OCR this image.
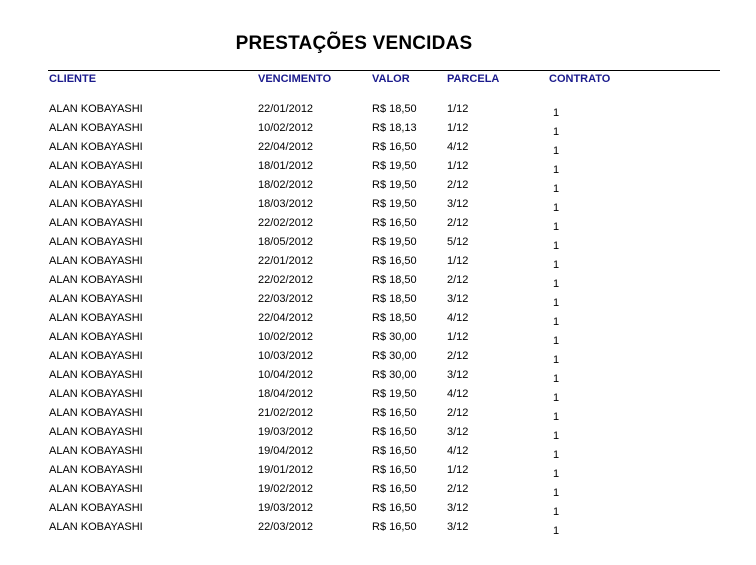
PRESTAÇÕES VENCIDAS
CLIENTE	VENCIMENTO	VALOR	PARCELA	CONTRATO
ALAN KOBAYASHI	22/01/2012	R$ 18,50	1/12	1
ALAN KOBAYASHI	10/02/2012	R$ 18,13	1/12	1
ALAN KOBAYASHI	22/04/2012	R$ 16,50	4/12	1
ALAN KOBAYASHI	18/01/2012	R$ 19,50	1/12	1
ALAN KOBAYASHI	18/02/2012	R$ 19,50	2/12	1
ALAN KOBAYASHI	18/03/2012	R$ 19,50	3/12	1
ALAN KOBAYASHI	22/02/2012	R$ 16,50	2/12	1
ALAN KOBAYASHI	18/05/2012	R$ 19,50	5/12	1
ALAN KOBAYASHI	22/01/2012	R$ 16,50	1/12	1
ALAN KOBAYASHI	22/02/2012	R$ 18,50	2/12	1
ALAN KOBAYASHI	22/03/2012	R$ 18,50	3/12	1
ALAN KOBAYASHI	22/04/2012	R$ 18,50	4/12	1
ALAN KOBAYASHI	10/02/2012	R$ 30,00	1/12	1
ALAN KOBAYASHI	10/03/2012	R$ 30,00	2/12	1
ALAN KOBAYASHI	10/04/2012	R$ 30,00	3/12	1
ALAN KOBAYASHI	18/04/2012	R$ 19,50	4/12	1
ALAN KOBAYASHI	21/02/2012	R$ 16,50	2/12	1
ALAN KOBAYASHI	19/03/2012	R$ 16,50	3/12	1
ALAN KOBAYASHI	19/04/2012	R$ 16,50	4/12	1
ALAN KOBAYASHI	19/01/2012	R$ 16,50	1/12	1
ALAN KOBAYASHI	19/02/2012	R$ 16,50	2/12	1
ALAN KOBAYASHI	19/03/2012	R$ 16,50	3/12	1
ALAN KOBAYASHI	22/03/2012	R$ 16,50	3/12	1
